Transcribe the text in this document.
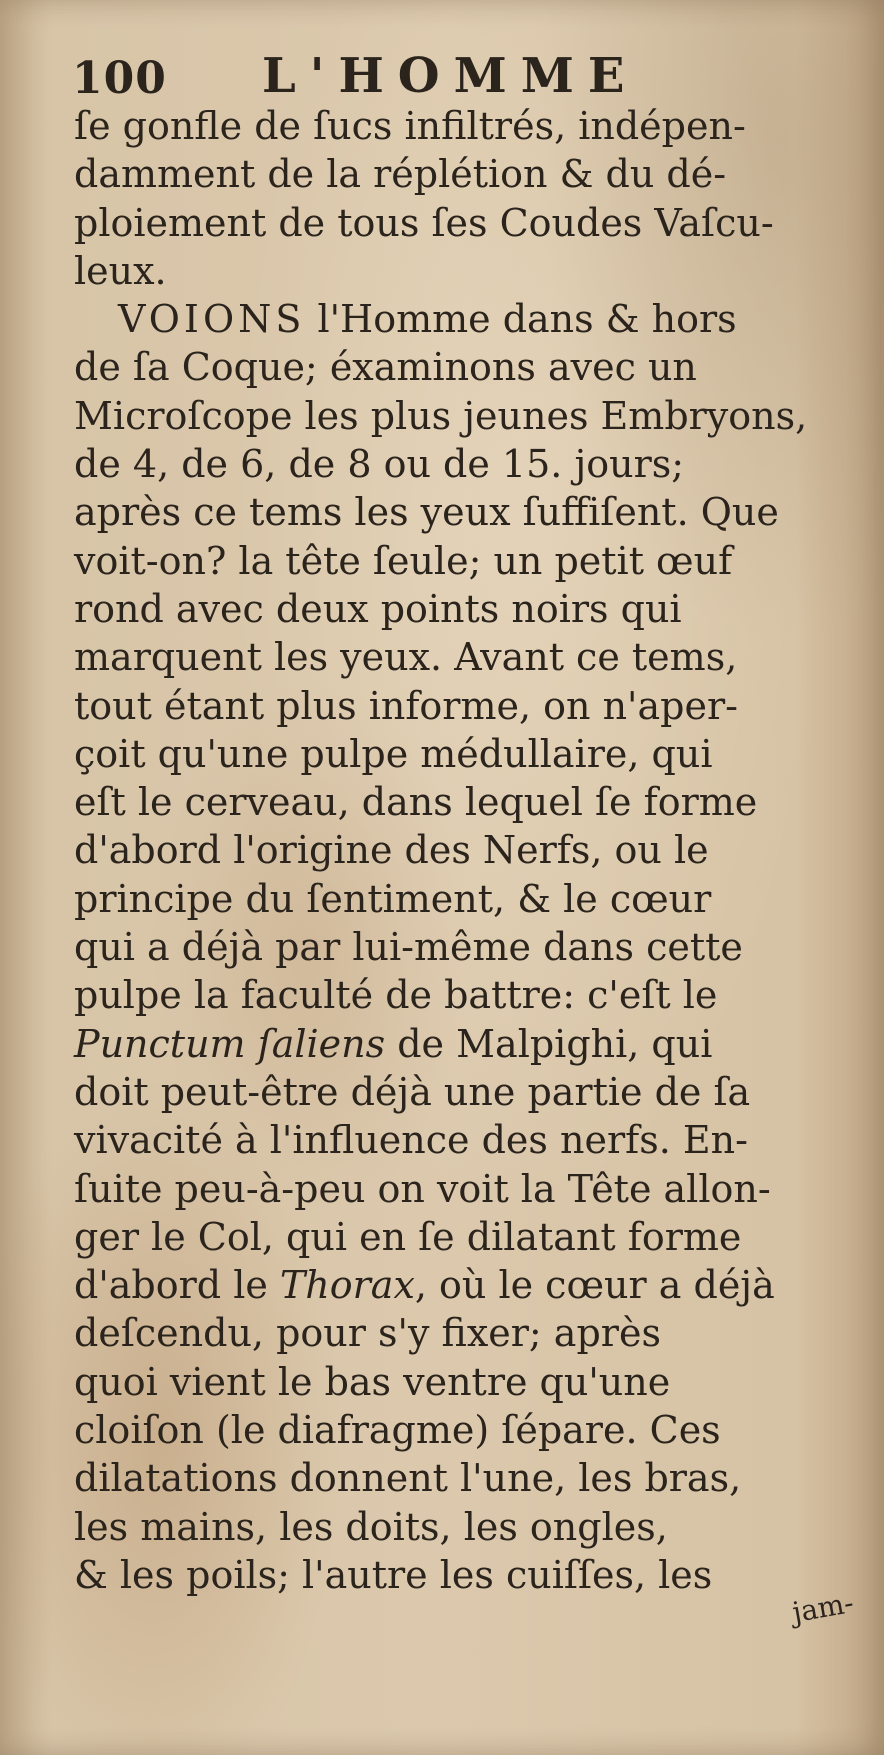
100	L'HOMME
ſe gonfle de ſucs infiltrés, indépen-
damment de la réplétion & du dé-
ploiement de tous ſes Coudes Vaſcu-
leux.
VOIONS l'Homme dans & hors
de ſa Coque; éxaminons avec un
Microſcope les plus jeunes Embryons,
de 4, de 6, de 8 ou de 15. jours;
après ce tems les yeux ſuffiſent. Que
voit-on? la tête ſeule; un petit œuf
rond avec deux points noirs qui
marquent les yeux. Avant ce tems,
tout étant plus informe, on n'aper-
çoit qu'une pulpe médullaire, qui
eſt le cerveau, dans lequel ſe forme
d'abord l'origine des Nerfs, ou le
principe du ſentiment, & le cœur
qui a déjà par lui-même dans cette
pulpe la faculté de battre: c'eſt le
Punctum ſaliens de Malpighi, qui
doit peut-être déjà une partie de ſa
vivacité à l'influence des nerfs. En-
ſuite peu-à-peu on voit la Tête allon-
ger le Col, qui en ſe dilatant forme
d'abord le Thorax, où le cœur a déjà
deſcendu, pour s'y fixer; après
quoi vient le bas ventre qu'une
cloiſon (le diafragme) ſépare. Ces
dilatations donnent l'une, les bras,
les mains, les doits, les ongles,
& les poils; l'autre les cuiſſes, les
jam-
